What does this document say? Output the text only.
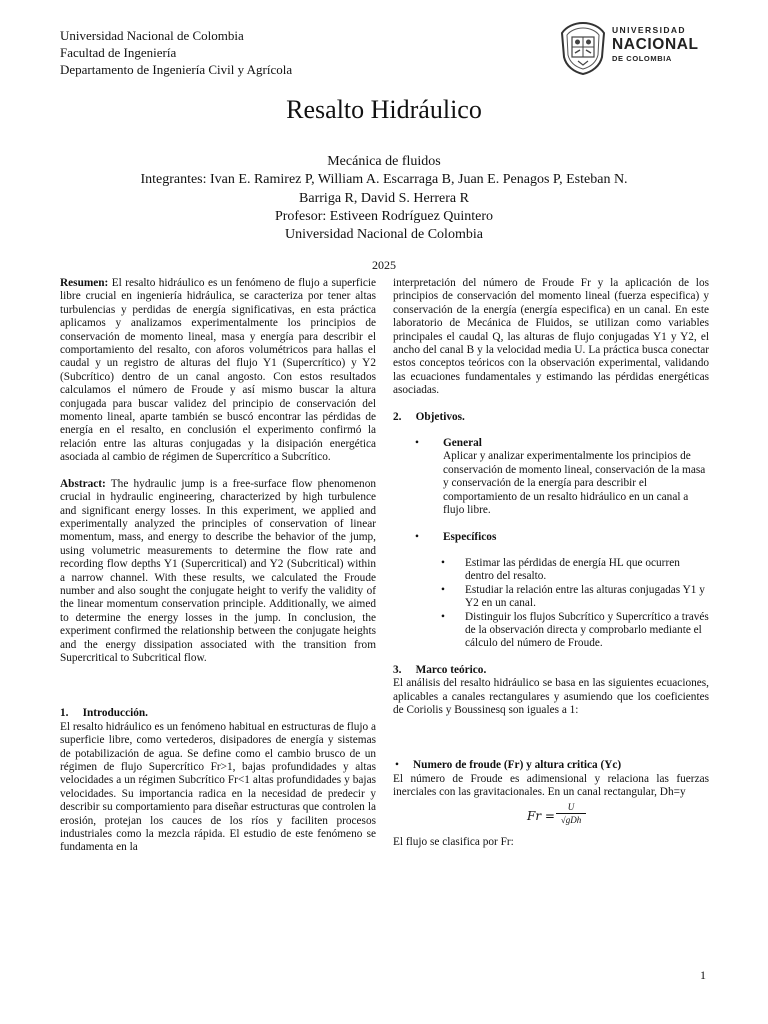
Universidad Nacional de Colombia
Facultad de Ingeniería
Departamento de Ingeniería Civil y Agrícola
UNIVERSIDAD
NACIONAL
DE COLOMBIA
Resalto Hidráulico
Mecánica de fluidos
Integrantes: Ivan E. Ramirez P, William A. Escarraga B, Juan E. Penagos P, Esteban N.
Barriga R, David S. Herrera R
Profesor: Estiveen Rodríguez Quintero
Universidad Nacional de Colombia
2025

Resumen: El resalto hidráulico es un fenómeno de flujo a superficie libre crucial en ingeniería hidráulica, se caracteriza por tener altas turbulencias y perdidas de energía significativas, en esta práctica aplicamos y analizamos experimentalmente los principios de conservación de momento lineal, masa y energía para describir el comportamiento del resalto, con aforos volumétricos para hallas el caudal y un registro de alturas del flujo Y1 (Supercrítico) y Y2 (Subcrítico) dentro de un canal angosto. Con estos resultados calculamos el número de Froude y así mismo buscar la altura conjugada para buscar validez del principio de conservación del momento lineal, aparte también se buscó encontrar las pérdidas de energía en el resalto, en conclusión el experimento confirmó la relación entre las alturas conjugadas y la disipación energética asociada al cambio de régimen de Supercrítico a Subcrítico.

Abstract: The hydraulic jump is a free-surface flow phenomenon crucial in hydraulic engineering, characterized by high turbulence and significant energy losses. In this experiment, we applied and experimentally analyzed the principles of conservation of linear momentum, mass, and energy to describe the behavior of the jump, using volumetric measurements to determine the flow rate and recording flow depths Y1 (Supercritical) and Y2 (Subcritical) within a narrow channel. With these results, we calculated the Froude number and also sought the conjugate height to verify the validity of the linear momentum conservation principle. Additionally, we aimed to determine the energy losses in the jump. In conclusion, the experiment confirmed the relationship between the conjugate heights and the energy dissipation associated with the transition from Supercritical to Subcritical flow.

1.     Introducción.

El resalto hidráulico es un fenómeno habitual en estructuras de flujo a superficie libre, como vertederos, disipadores de energía y sistemas de potabilización de agua. Se define como el cambio brusco de un régimen de flujo Supercrítico Fr>1, bajas profundidades y altas velocidades a un régimen Subcrítico Fr<1 altas profundidades y bajas velocidades. Su importancia radica en la necesidad de predecir y describir su comportamiento para diseñar estructuras que controlen la erosión, protejan los cauces de los ríos y faciliten procesos industriales como la mezcla rápida. El estudio de este fenómeno se fundamenta en la

interpretación del número de Froude Fr y la aplicación de los principios de conservación del momento lineal (fuerza especifica) y conservación de la energía (energía especifica) en un canal. En este laboratorio de Mecánica de Fluidos, se utilizan como variables principales el caudal Q, las alturas de flujo conjugadas Y1 y Y2, el ancho del canal B y la velocidad media U. La práctica busca conectar estos conceptos teóricos con la observación experimental, validando las ecuaciones fundamentales y estimando las pérdidas energéticas asociadas.

2.     Objetivos.

• General

Aplicar y analizar experimentalmente los principios de conservación de momento lineal, conservación de la masa y conservación de la energía para describir el comportamiento de un resalto hidráulico en un canal a flujo libre.

• Específicos
• Estimar las pérdidas de energía HL que ocurren dentro del resalto.
• Estudiar la relación entre las alturas conjugadas Y1 y Y2 en un canal.
• Distinguir los flujos Subcrítico y Supercrítico a través de la observación directa y comprobarlo mediante el cálculo del número de Froude.

3.     Marco teórico.

El análisis del resalto hidráulico se basa en las siguientes ecuaciones, aplicables a canales rectangulares y asumiendo que los coeficientes de Coriolis y Boussinesq son iguales a 1:

• Numero de froude (Fr) y altura critica (Yc)

El número de Froude es adimensional y relaciona las fuerzas inerciales con las gravitacionales. En un canal rectangular, Dh=y

Fr =
U
√gDh

El flujo se clasifica por Fr:

1
